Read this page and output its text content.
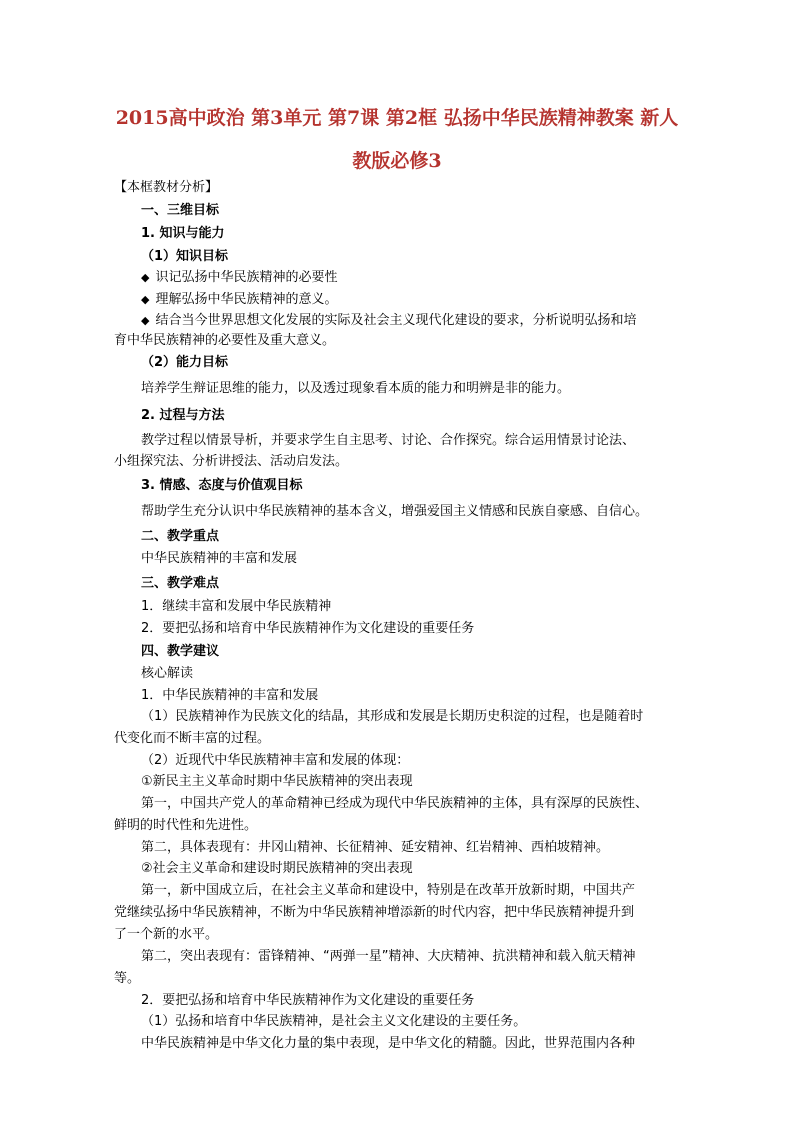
2015高中政治 第3单元 第7课 第2框 弘扬中华民族精神教案 新人
教版必修3
【本框教材分析】
一、三维目标
1. 知识与能力
（1）知识目标
◆ 识记弘扬中华民族精神的必要性
◆ 理解弘扬中华民族精神的意义。
◆ 结合当今世界思想文化发展的实际及社会主义现代化建设的要求，分析说明弘扬和培
育中华民族精神的必要性及重大意义。
（2）能力目标
培养学生辩证思维的能力，以及透过现象看本质的能力和明辨是非的能力。
2. 过程与方法
教学过程以情景导析，并要求学生自主思考、讨论、合作探究。综合运用情景讨论法、
小组探究法、分析讲授法、活动启发法。
3. 情感、态度与价值观目标
帮助学生充分认识中华民族精神的基本含义，增强爱国主义情感和民族自豪感、自信心。
二、教学重点
中华民族精神的丰富和发展
三、教学难点
1．继续丰富和发展中华民族精神
2．要把弘扬和培育中华民族精神作为文化建设的重要任务
四、教学建议
核心解读
1．中华民族精神的丰富和发展
（1）民族精神作为民族文化的结晶，其形成和发展是长期历史积淀的过程，也是随着时
代变化而不断丰富的过程。
（2）近现代中华民族精神丰富和发展的体现：
①新民主主义革命时期中华民族精神的突出表现
第一，中国共产党人的革命精神已经成为现代中华民族精神的主体，具有深厚的民族性、
鲜明的时代性和先进性。
第二，具体表现有：井冈山精神、长征精神、延安精神、红岩精神、西柏坡精神。
②社会主义革命和建设时期民族精神的突出表现
第一，新中国成立后，在社会主义革命和建设中，特别是在改革开放新时期，中国共产
党继续弘扬中华民族精神，不断为中华民族精神增添新的时代内容，把中华民族精神提升到
了一个新的水平。
第二，突出表现有：雷锋精神、“两弹一星”精神、大庆精神、抗洪精神和载入航天精神
等。
2．要把弘扬和培育中华民族精神作为文化建设的重要任务
（1）弘扬和培育中华民族精神，是社会主义文化建设的主要任务。
中华民族精神是中华文化力量的集中表现，是中华文化的精髓。因此，世界范围内各种
